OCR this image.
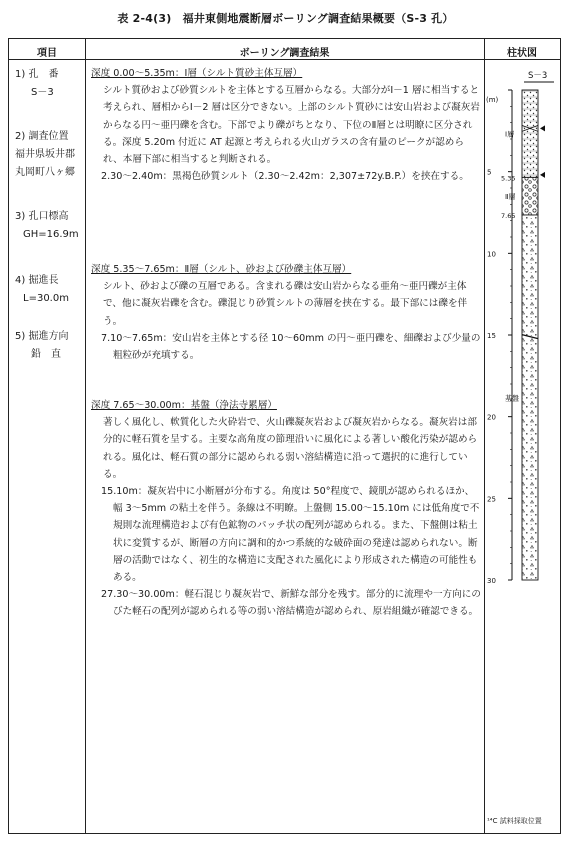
表 2-4(3)　福井東側地震断層ボーリング調査結果概要（S-3 孔）
項目	ボーリング調査結果	柱状図
1) 孔　番
S－3
2) 調査位置
福井県坂井郡
丸岡町八ヶ郷
3) 孔口標高
GH=16.9m
4) 掘進長
L=30.0m
5) 掘進方向
鉛　直
深度 0.00～5.35m：Ⅰ層（シルト質砂主体互層）

シルト質砂および砂質シルトを主体とする互層からなる。大部分がⅠ－1 層に相当すると考えられ、層相からⅠ－2 層は区分できない。上部のシルト質砂には安山岩および凝灰岩からなる円～亜円礫を含む。下部でより礫がちとなり、下位のⅡ層とは明瞭に区分される。深度 5.20m 付近に AT 起源と考えられる火山ガラスの含有量のピークが認められ、本層下部に相当すると判断される。

2.30～2.40m：黒褐色砂質シルト（2.30～2.42m：2,307±72y.B.P.）を挟在する。

深度 5.35～7.65m：Ⅱ層（シルト、砂および砂礫主体互層）

シルト、砂および礫の互層である。含まれる礫は安山岩からなる亜角～亜円礫が主体で、他に凝灰岩礫を含む。礫混じり砂質シルトの薄層を挟在する。最下部には礫を伴う。

7.10～7.65m：安山岩を主体とする径 10～60mm の円～亜円礫を、細礫および少量の粗粒砂が充填する。

深度 7.65～30.00m：基盤（浄法寺累層）

著しく風化し、軟質化した火砕岩で、火山礫凝灰岩および凝灰岩からなる。凝灰岩は部分的に軽石質を呈する。主要な高角度の節理沿いに風化による著しい酸化汚染が認められる。風化は、軽石質の部分に認められる弱い溶結構造に沿って選択的に進行している。

15.10m：凝灰岩中に小断層が分布する。角度は 50°程度で、鏡肌が認められるほか、幅 3～5mm の粘土を伴う。条線は不明瞭。上盤側 15.00～15.10m には低角度で不規則な流理構造および有色鉱物のパッチ状の配列が認められる。また、下盤側は粘土状に変質するが、断層の方向に調和的かつ系統的な破砕面の発達は認められない。断層の活動ではなく、初生的な構造に支配された風化により形成された構造の可能性もある。

27.30～30.00m：軽石混じり凝灰岩で、新鮮な部分を残す。部分的に流理や一方向にのびた軽石の配列が認められる等の弱い溶結構造が認められ、原岩組織が確認できる。

S－3
(m)
5
10
15
20
25
30
Ⅰ層
Ⅱ層
基盤
5.35
7.65
¹⁴C 試料採取位置
